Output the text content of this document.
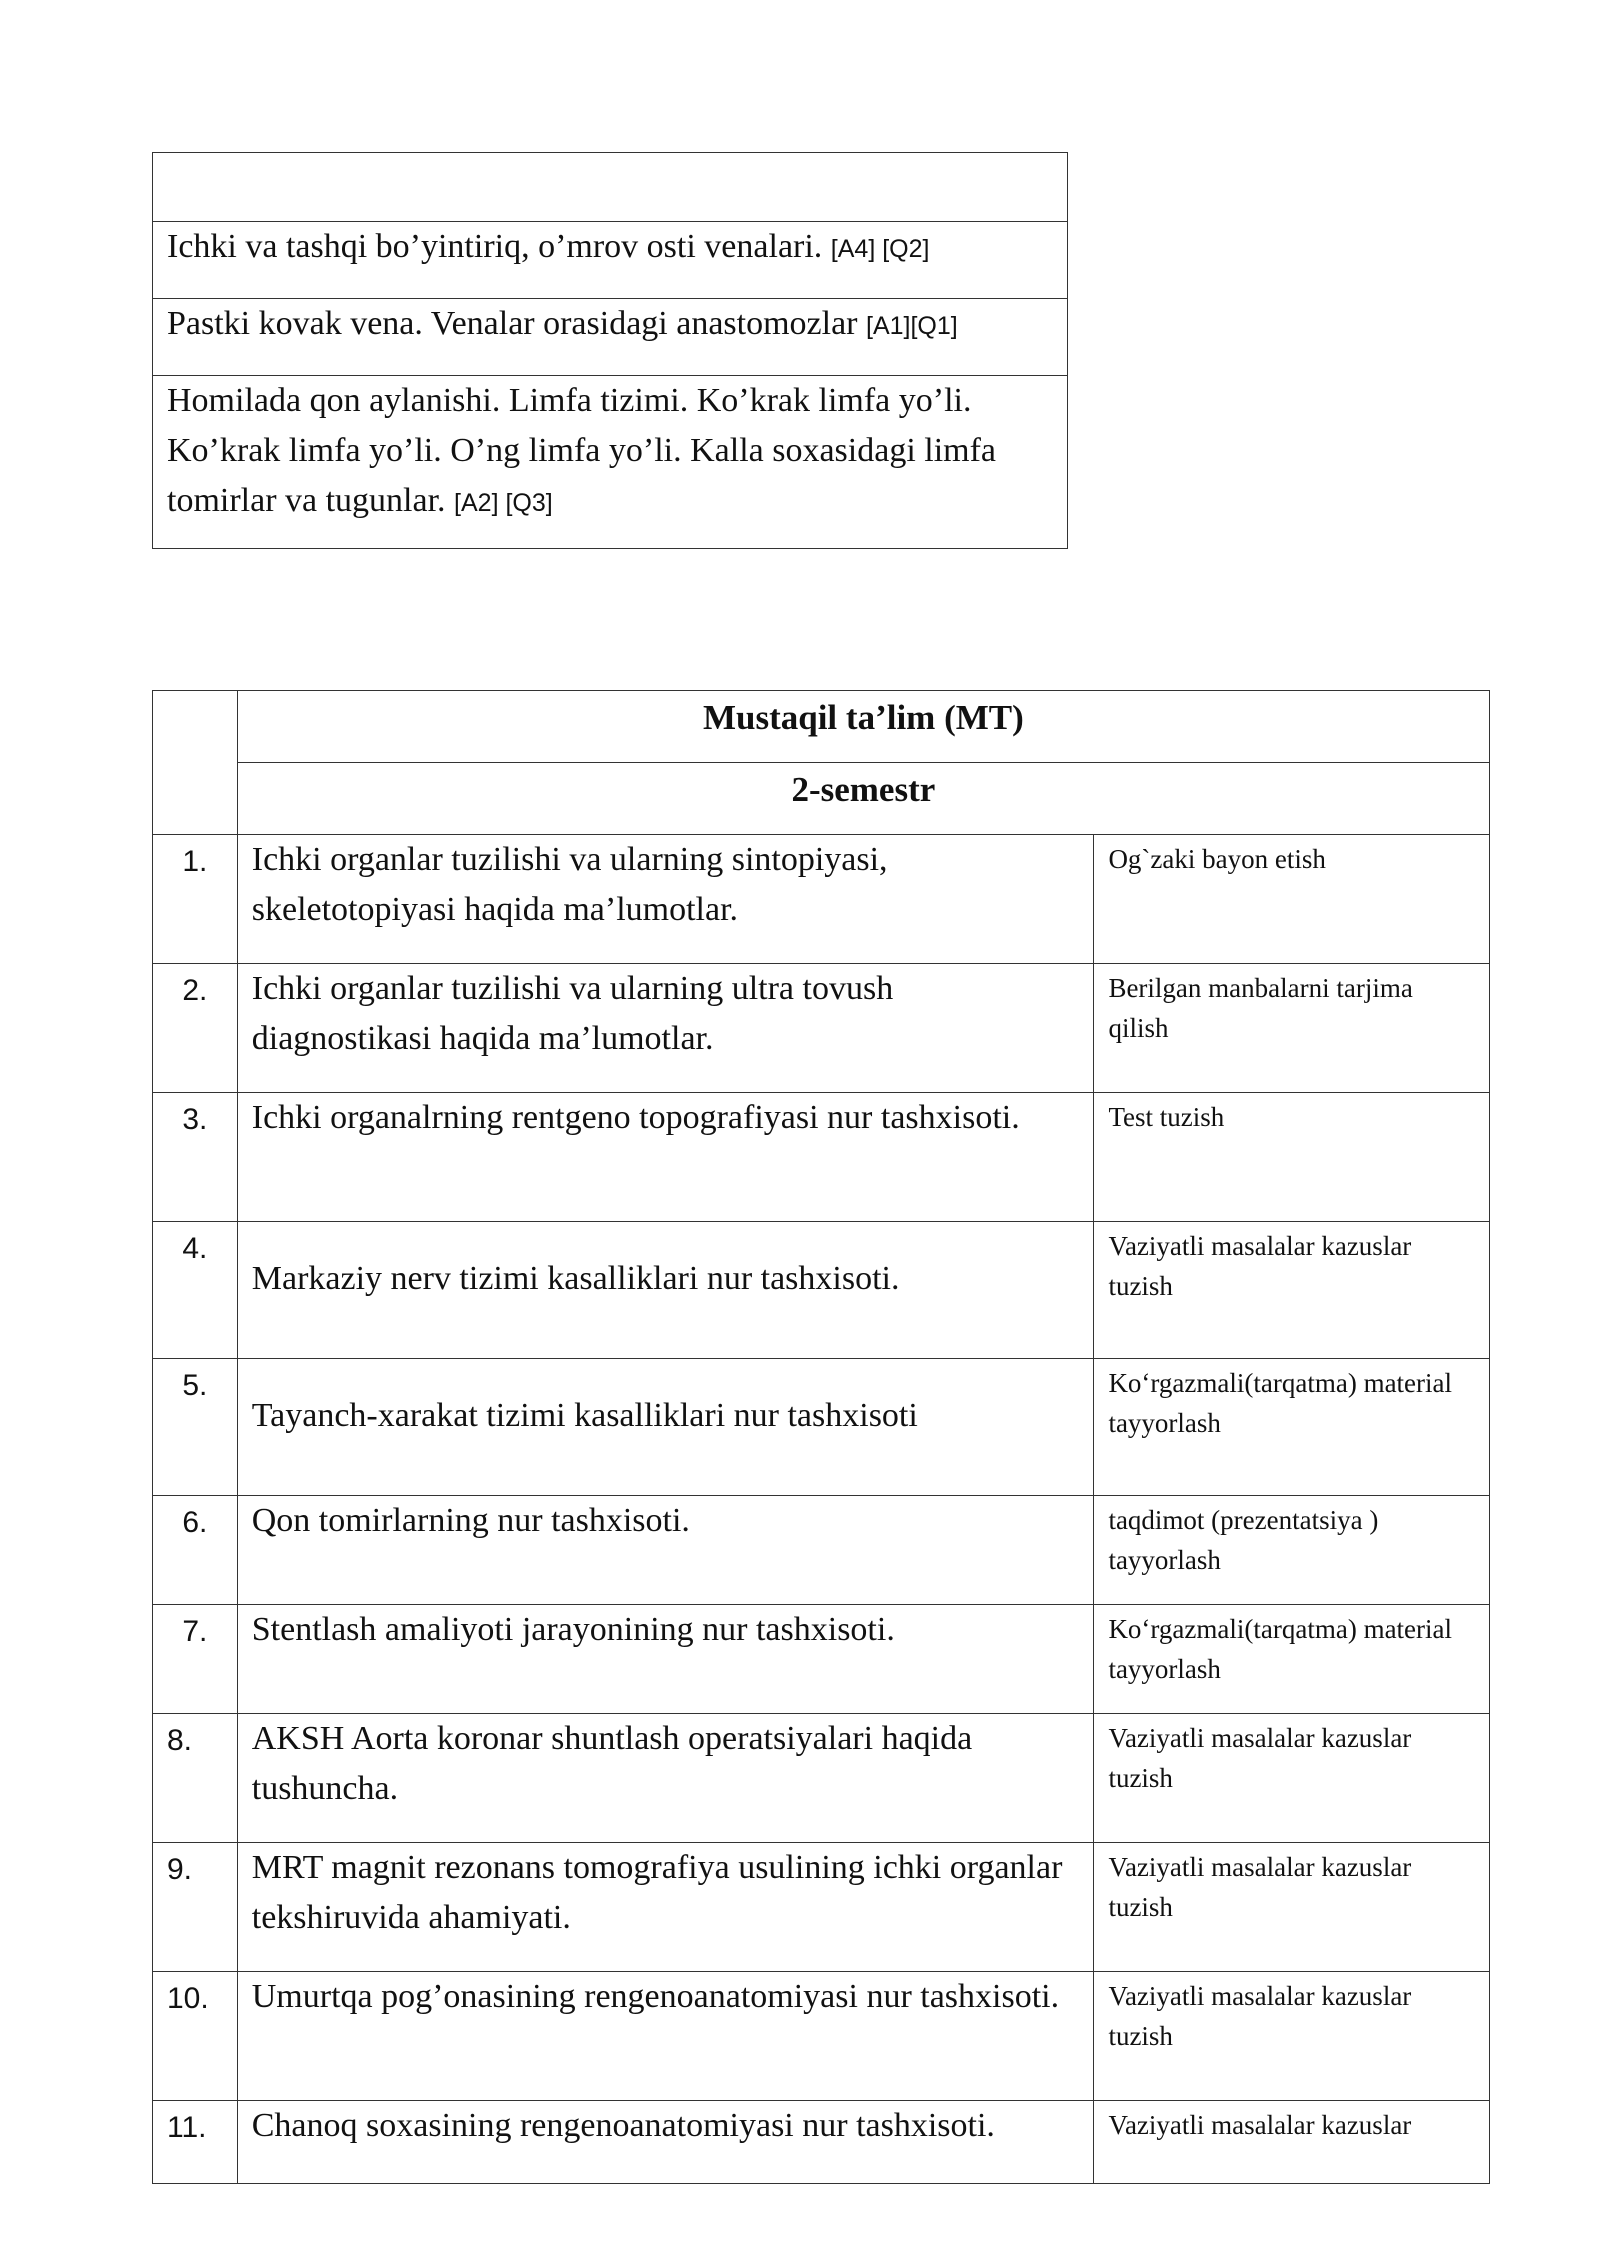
Ichki va tashqi bo’yintiriq, o’mrov osti venalari. [A4] [Q2]
Pastki kovak vena. Venalar orasidagi anastomozlar [A1][Q1]
Homilada qon aylanishi. Limfa tizimi. Ko’krak limfa yo’li. Ko’krak limfa yo’li. O’ng limfa yo’li. Kalla soxasidagi limfa tomirlar va tugunlar. [A2] [Q3]
	Mustaqil ta’lim (MT)	
	2-semestr	
1.	Ichki organlar tuzilishi va ularning sintopiyasi, skeletotopiyasi haqida ma’lumotlar.	Og`zaki bayon etish
2.	Ichki organlar tuzilishi va ularning ultra tovush diagnostikasi haqida ma’lumotlar.	Berilgan manbalarni tarjima qilish
3.	Ichki organalrning rentgeno topografiyasi nur tashxisoti.	Test tuzish
4.	Markaziy nerv tizimi kasalliklari nur tashxisoti.	Vaziyatli masalalar kazuslar tuzish
5.	Tayanch-xarakat tizimi kasalliklari nur tashxisoti	Ko‘rgazmali(tarqatma) material tayyorlash
6.	Qon tomirlarning nur tashxisoti.	taqdimot (prezentatsiya ) tayyorlash
7.	Stentlash amaliyoti jarayonining nur tashxisoti.	Ko‘rgazmali(tarqatma) material tayyorlash
8.	AKSH Aorta koronar shuntlash operatsiyalari haqida tushuncha.	Vaziyatli masalalar kazuslar tuzish
9.	MRT magnit rezonans tomografiya usulining ichki organlar tekshiruvida ahamiyati.	Vaziyatli masalalar kazuslar tuzish
10.	Umurtqa pog’onasining rengenoanatomiyasi nur tashxisoti.	Vaziyatli masalalar kazuslar tuzish
11.	Chanoq soxasining rengenoanatomiyasi nur tashxisoti.	Vaziyatli masalalar kazuslar
